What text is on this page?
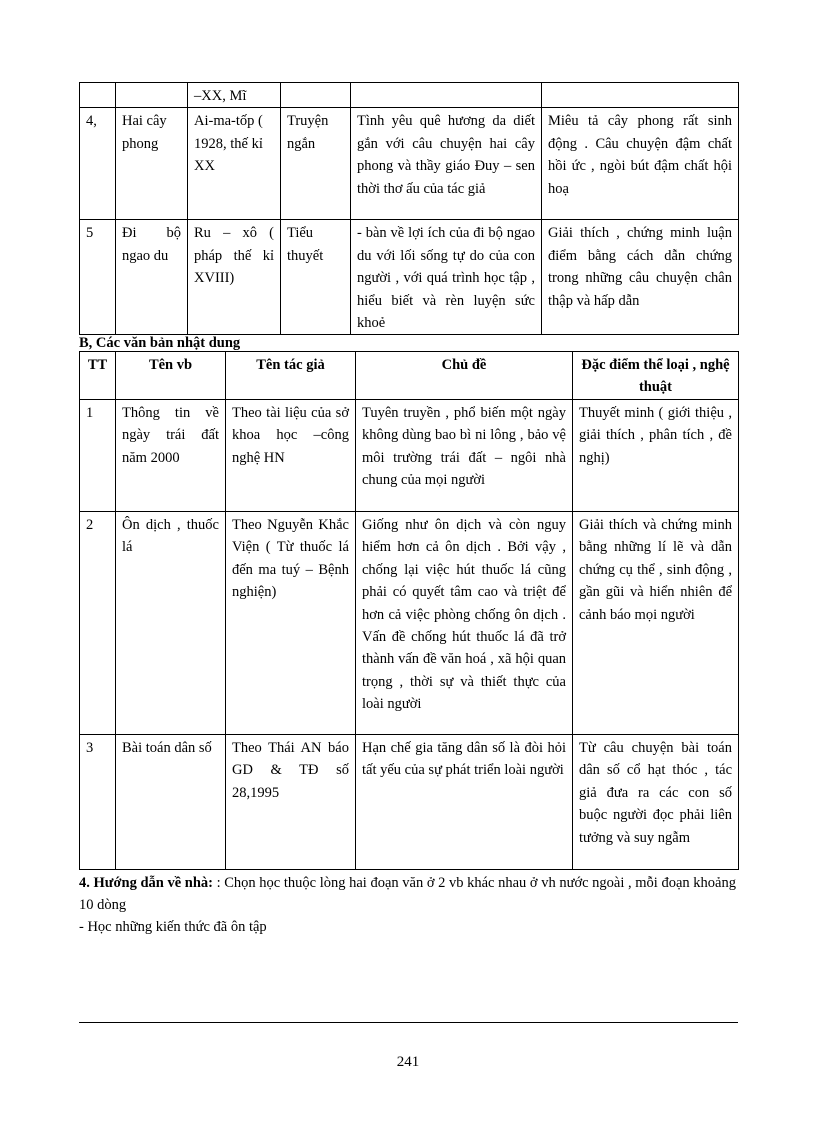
		–XX, Mĩ			
4,	Hai cây phong	Ai-ma-tốp ( 1928, thế kỉ XX	Truyện ngắn	Tình yêu quê hương da diết gắn với câu chuyện hai cây phong và thầy giáo Đuy – sen thời thơ ấu của tác giả	Miêu tả cây phong rất sinh động . Câu chuyện đậm chất hồi ức , ngòi bút đậm chất hội hoạ
5	Đi bộ ngao du	Ru – xô ( pháp thế kỉ XVIII)	Tiểu thuyết	- bàn về lợi ích của đi bộ ngao du với lối sống tự do của con người , với quá trình học tập , hiểu biết và rèn luyện sức khoẻ	Giải thích , chứng minh luận điểm bằng cách dẫn chứng trong những câu chuyện chân thập và hấp dẫn
B, Các văn bản nhật dung
TT	Tên vb	Tên tác giả	Chủ đề	Đặc điểm thể loại , nghệ thuật
1	Thông tin về ngày trái đất năm 2000	Theo tài liệu của sở khoa học –công nghệ HN	Tuyên truyền , phổ biến một ngày không dùng bao bì ni lông , bảo vệ môi trường trái đất – ngôi nhà chung của mọi người	Thuyết minh ( giới thiệu , giải thích , phân tích , đề nghị)
2	Ôn dịch , thuốc lá	Theo Nguyễn Khắc Viện ( Từ thuốc lá đến ma tuý – Bệnh nghiện)	Giống như ôn dịch và còn nguy hiểm hơn cả ôn dịch . Bởi vậy , chống lại việc hút thuốc lá cũng phải có quyết tâm cao và triệt để hơn cả việc phòng chống ôn dịch . Vấn đề chống hút thuốc lá đã trở thành vấn đề văn hoá , xã hội quan trọng , thời sự và thiết thực của loài người	Giải thích và chứng minh bằng những lí lẽ và dẫn chứng cụ thể , sinh động , gần gũi và hiển nhiên để cảnh báo mọi người
3	Bài toán dân số	Theo Thái AN báo GD & TĐ số 28,1995	Hạn chế gia tăng dân số là đòi hỏi tất yếu của sự phát triển loài người	Từ câu chuyện bài toán dân số cổ hạt thóc , tác giả đưa ra các con số buộc người đọc phải liên tưởng và suy ngẫm
4. Hướng dẫn về nhà: : Chọn học thuộc lòng hai đoạn văn ở 2 vb khác nhau ở vh nước ngoài , mỗi đoạn khoảng 10 dòng
- Học những kiến thức đã ôn tập
241
